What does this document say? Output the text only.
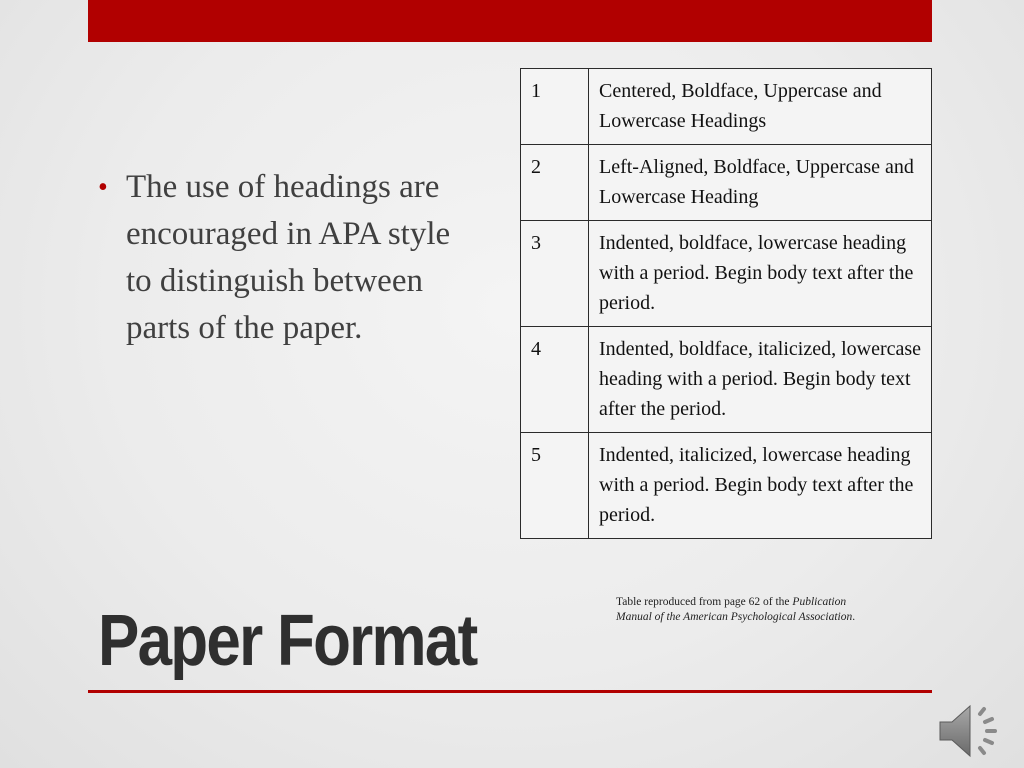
• The use of headings are encouraged in APA style to distinguish between parts of the paper.
1	Centered, Boldface, Uppercase and Lowercase Headings
2	Left-Aligned, Boldface, Uppercase and Lowercase Heading
3	Indented, boldface, lowercase heading with a period. Begin body text after the period.
4	Indented, boldface, italicized, lowercase heading with a period. Begin body text after the period.
5	Indented, italicized, lowercase heading with a period. Begin body text after the period.
Table reproduced from page 62 of the Publication Manual of the American Psychological Association.
Paper Format
